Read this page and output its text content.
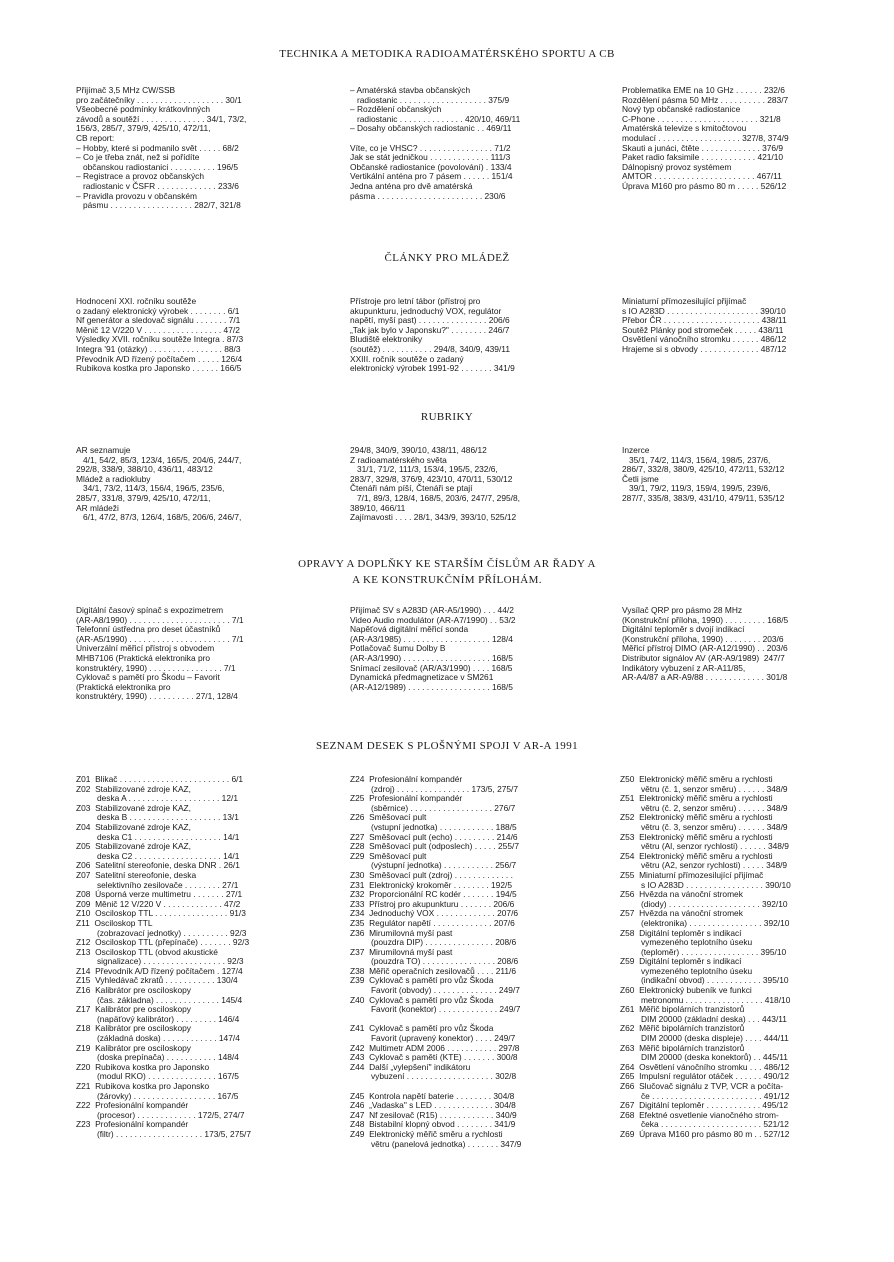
TECHNIKA A METODIKA RADIOAMATÉRSKÉHO SPORTU A CB
Přijímač 3,5 MHz CW/SSB
pro začátečníky . . . . . . . . . . . . . . . . . . . 30/1
Všeobecné podmínky krátkovlnných
závodů a soutěží . . . . . . . . . . . . . . 34/1, 73/2,
156/3, 285/7, 379/9, 425/10, 472/11,
CB report:
– Hobby, které si podmanilo svět . . . . . 68/2
– Co je třeba znát, než si pořídíte
občanskou radiostanici . . . . . . . . . . 196/5
– Registrace a provoz občanských
radiostanic v ČSFR . . . . . . . . . . . . . 233/6
– Pravidla provozu v občanském
pásmu . . . . . . . . . . . . . . . . . . 282/7, 321/8
– Amatérská stavba občanských
radiostanic . . . . . . . . . . . . . . . . . . . 375/9
– Rozdělení občanských
radiostanic . . . . . . . . . . . . . . 420/10, 469/11
– Dosahy občanských radiostanic . . 469/11

Víte, co je VHSC? . . . . . . . . . . . . . . . . 71/2
Jak se stát jedničkou . . . . . . . . . . . . . 111/3
Občanské radiostanice (povolování) . 133/4
Vertikální anténa pro 7 pásem . . . . . . 151/4
Jedna anténa pro dvě amatérská
pásma . . . . . . . . . . . . . . . . . . . . . . . 230/6
Problematika EME na 10 GHz . . . . . . 232/6
Rozdělení pásma 50 MHz . . . . . . . . . . 283/7
Nový typ občanské radiostanice
C-Phone . . . . . . . . . . . . . . . . . . . . . . 321/8
Amatérská televize s kmitočtovou
modulací . . . . . . . . . . . . . . . . . . 327/8, 374/9
Skauti a junáci, čtěte . . . . . . . . . . . . . 376/9
Paket radio faksimile . . . . . . . . . . . . 421/10
Dálnopisný provoz systémem
AMTOR . . . . . . . . . . . . . . . . . . . . . . 467/11
Úprava M160 pro pásmo 80 m . . . . . 526/12
ČLÁNKY PRO MLÁDEŽ
Hodnocení XXI. ročníku soutěže
o zadaný elektronický výrobek . . . . . . . . 6/1
Nf generátor a sledovač signálu . . . . . . . 7/1
Měnič 12 V/220 V . . . . . . . . . . . . . . . . . 47/2
Výsledky XVII. ročníku soutěže Integra . 87/3
Integra '91 (otázky) . . . . . . . . . . . . . . . . 88/3
Převodník A/D řízený počítačem . . . . . 126/4
Rubikova kostka pro Japonsko . . . . . . 166/5
Přístroje pro letní tábor (přístroj pro
akupunkturu, jednoduchý VOX, regulátor
napětí, myší past) . . . . . . . . . . . . . . . 206/6
„Tak jak bylo v Japonsku?" . . . . . . . . 246/7
Bludiště elektroniky
(soutěž) . . . . . . . . . . . 294/8, 340/9, 439/11
XXIII. ročník soutěže o zadaný
elektronický výrobek 1991-92 . . . . . . . 341/9
Miniaturní přímozesilující přijímač
s IO A283D . . . . . . . . . . . . . . . . . . . . 390/10
Přebor ČR . . . . . . . . . . . . . . . . . . . . . 438/11
Soutěž Plánky pod stromeček . . . . . 438/11
Osvětlení vánočního stromku . . . . . . 486/12
Hrajeme si s obvody . . . . . . . . . . . . . 487/12
RUBRIKY
AR seznamuje
4/1, 54/2, 85/3, 123/4, 165/5, 204/6, 244/7,
292/8, 338/9, 388/10, 436/11, 483/12
Mládež a radiokluby
34/1, 73/2, 114/3, 156/4, 196/5, 235/6,
285/7, 331/8, 379/9, 425/10, 472/11,
AR mládeži
6/1, 47/2, 87/3, 126/4, 168/5, 206/6, 246/7,
294/8, 340/9, 390/10, 438/11, 486/12
Z radioamatérského světa
31/1, 71/2, 111/3, 153/4, 195/5, 232/6,
283/7, 329/8, 376/9, 423/10, 470/11, 530/12
Čtenáři nám píší, Čtenáři se ptají
7/1, 89/3, 128/4, 168/5, 203/6, 247/7, 295/8,
389/10, 466/11
Zajímavosti . . . . 28/1, 343/9, 393/10, 525/12
Inzerce
35/1, 74/2, 114/3, 156/4, 198/5, 237/6,
286/7, 332/8, 380/9, 425/10, 472/11, 532/12
Četli jsme
39/1, 79/2, 119/3, 159/4, 199/5, 239/6,
287/7, 335/8, 383/9, 431/10, 479/11, 535/12
OPRAVY A DOPLŇKY KE STARŠÍM ČÍSLŮM AR ŘADY A
A KE KONSTRUKČNÍM PŘÍLOHÁM.
Digitální časový spínač s expozimetrem
(AR-A8/1990) . . . . . . . . . . . . . . . . . . . . . . 7/1
Telefonní ústředna pro deset účastníků
(AR-A5/1990) . . . . . . . . . . . . . . . . . . . . . . 7/1
Univerzální měřicí přístroj s obvodem
MHB7106 (Praktická elektronika pro
konstruktéry, 1990) . . . . . . . . . . . . . . . . 7/1
Cyklovač s pamětí pro Škodu – Favorit
(Praktická elektronika pro
konstruktéry, 1990) . . . . . . . . . . 27/1, 128/4
Přijímač SV s A283D (AR-A5/1990) . . . 44/2
Video Audio modulátor (AR-A7/1990) . . 53/2
Napěťová digitální měřicí sonda
(AR-A3/1985) . . . . . . . . . . . . . . . . . . . 128/4
Potlačovač šumu Dolby B
(AR-A3/1990) . . . . . . . . . . . . . . . . . . . 168/5
Snímací zesilovač (AR/A3/1990) . . . . 168/5
Dynamická předmagnetizace v SM261
(AR-A12/1989) . . . . . . . . . . . . . . . . . . 168/5
Vysílač QRP pro pásmo 28 MHz
(Konstrukční příloha, 1990) . . . . . . . . . 168/5
Digitální teploměr s dvojí indikací
(Konstrukční příloha, 1990) . . . . . . . . 203/6
Měřicí přístroj DIMO (AR-A12/1990) . . 203/6
Distributor signálov AV (AR-A9/1989)  247/7
Indikátory vybuzení z AR-A11/85,
AR-A4/87 a AR-A9/88 . . . . . . . . . . . . . 301/8
SEZNAM DESEK S PLOŠNÝMI SPOJI V AR-A 1991
Z01  Blikač . . . . . . . . . . . . . . . . . . . . . . . . 6/1
Z02  Stabilizované zdroje KAZ,
deska A . . . . . . . . . . . . . . . . . . . . 12/1
Z03  Stabilizované zdroje KAZ,
deska B . . . . . . . . . . . . . . . . . . . . 13/1
Z04  Stabilizované zdroje KAZ,
deska C1 . . . . . . . . . . . . . . . . . . . 14/1
Z05  Stabilizované zdroje KAZ,
deska C2 . . . . . . . . . . . . . . . . . . . 14/1
Z06  Satelitní stereofonie, deska DNR . 26/1
Z07  Satelitní stereofonie, deska
selektivního zesilovače . . . . . . . . 27/1
Z08  Úsporná verze multimetru . . . . . . . 27/1
Z09  Měnič 12 V/220 V . . . . . . . . . . . . . 47/2
Z10  Osciloskop TTL . . . . . . . . . . . . . . . . 91/3
Z11  Osciloskop TTL
(zobrazovací jednotky) . . . . . . . . . . 92/3
Z12  Osciloskop TTL (přepínače) . . . . . . . 92/3
Z13  Osciloskop TTL (obvod akustické
signalizace) . . . . . . . . . . . . . . . . . . 92/3
Z14  Převodník A/D řízený počítačem . 127/4
Z15  Vyhledávač zkratů . . . . . . . . . . . 130/4
Z16  Kalibrátor pre osciloskopy
(čas. základna) . . . . . . . . . . . . . . 145/4
Z17  Kalibrátor pre osciloskopy
(napäťový kalibrátor) . . . . . . . . . 146/4
Z18  Kalibrátor pre osciloskopy
(základná doska) . . . . . . . . . . . . 147/4
Z19  Kalibrátor pre osciloskopy
(doska prepínača) . . . . . . . . . . . 148/4
Z20  Rubikova kostka pro Japonsko
(modul RKO) . . . . . . . . . . . . . . . 167/5
Z21  Rubikova kostka pro Japonsko
(žárovky) . . . . . . . . . . . . . . . . . . 167/5
Z22  Profesionální kompandér
(procesor) . . . . . . . . . . . . . 172/5, 274/7
Z23  Profesionální kompandér
(filtr) . . . . . . . . . . . . . . . . . . . 173/5, 275/7
Z24  Profesionální kompandér
(zdroj) . . . . . . . . . . . . . . . . 173/5, 275/7
Z25  Profesionální kompandér
(sběrnice) . . . . . . . . . . . . . . . . . . 276/7
Z26  Směšovací pult
(vstupní jednotka) . . . . . . . . . . . . 188/5
Z27  Směšovací pult (echo) . . . . . . . . . 214/6
Z28  Směšovací pult (odposlech) . . . . . 255/7
Z29  Směšovací pult
(výstupní jednotka) . . . . . . . . . . . 256/7
Z30  Směšovací pult (zdroj) . . . . . . . . . . . . .
Z31  Elektronický krokoměr . . . . . . . . 192/5
Z32  Proporcionální RC kodér . . . . . . . 194/5
Z33  Přístroj pro akupunkturu . . . . . . . 206/6
Z34  Jednoduchý VOX . . . . . . . . . . . . . 207/6
Z35  Regulátor napětí . . . . . . . . . . . . . 207/6
Z36  Mirumilovná myší past
(pouzdra DIP) . . . . . . . . . . . . . . . 208/6
Z37  Mirumilovná myší past
(pouzdra TO) . . . . . . . . . . . . . . . . 208/6
Z38  Měřič operačních zesilovačů . . . . 211/6
Z39  Cyklovač s pamětí pro vůz Škoda
Favorit (obvody) . . . . . . . . . . . . . . 249/7
Z40  Cyklovač s pamětí pro vůz Škoda
Favorit (konektor) . . . . . . . . . . . . . 249/7

Z41  Cyklovač s pamětí pro vůz Škoda
Favorit (upravený konektor) . . . . 249/7
Z42  Multimetr ADM 2006 . . . . . . . . . . . 297/8
Z43  Cyklovač s pamětí (KTE) . . . . . . . 300/8
Z44  Další „vylepšení" indikátoru
vybuzení . . . . . . . . . . . . . . . . . . . 302/8

Z45  Kontrola napětí baterie . . . . . . . . 304/8
Z46  „Vadaska" s LED . . . . . . . . . . . . . 304/8
Z47  Nf zesilovač (R15) . . . . . . . . . . . . 340/9
Z48  Bistabilní klopný obvod . . . . . . . . 341/9
Z49  Elektronický měřič směru a rychlosti
větru (panelová jednotka) . . . . . . . 347/9
Z50  Elektronický měřič směru a rychlosti
větru (č. 1, senzor směru) . . . . . . 348/9
Z51  Elektronický měřič směru a rychlosti
větru (č. 2, senzor směru) . . . . . . 348/9
Z52  Elektronický měřič směru a rychlosti
větru (č. 3, senzor směru) . . . . . . 348/9
Z53  Elektronický měřič směru a rychlosti
větru (Al, senzor rychlosti) . . . . . . 348/9
Z54  Elektronický měřič směru a rychlosti
větru (A2, senzor rychlosti) . . . . . 348/9
Z55  Miniaturní přímozesilující přijímač
s IO A283D . . . . . . . . . . . . . . . . . 390/10
Z56  Hvězda na vánoční stromek
(diody) . . . . . . . . . . . . . . . . . . . . 392/10
Z57  Hvězda na vánoční stromek
(elektronika) . . . . . . . . . . . . . . . . 392/10
Z58  Digitální teploměr s indikací
vymezeného teplotního úseku
(teploměr) . . . . . . . . . . . . . . . . . 395/10
Z59  Digitální teploměr s indikací
vymezeného teplotního úseku
(indikační obvod) . . . . . . . . . . . . 395/10
Z60  Elektronický bubeník ve funkci
metronomu . . . . . . . . . . . . . . . . . 418/10
Z61  Měřič bipolárních tranzistorů
DIM 20000 (základní deska) . . . 443/11
Z62  Měřič bipolárních tranzistorů
DIM 20000 (deska displeje) . . . . 444/11
Z63  Měřič bipolárních tranzistorů
DIM 20000 (deska konektorů) . . 445/11
Z64  Osvětlení vánočního stromku . . . 486/12
Z65  Impulsní regulátor otáček . . . . . . 490/12
Z66  Slučovač signálu z TVP, VCR a počíta-
če . . . . . . . . . . . . . . . . . . . . . . . . 491/12
Z67  Digitální teploměr . . . . . . . . . . . . 495/12
Z68  Efektné osvetlenie vianočného strom-
čeka . . . . . . . . . . . . . . . . . . . . . . 521/12
Z69  Úprava M160 pro pásmo 80 m . . 527/12
